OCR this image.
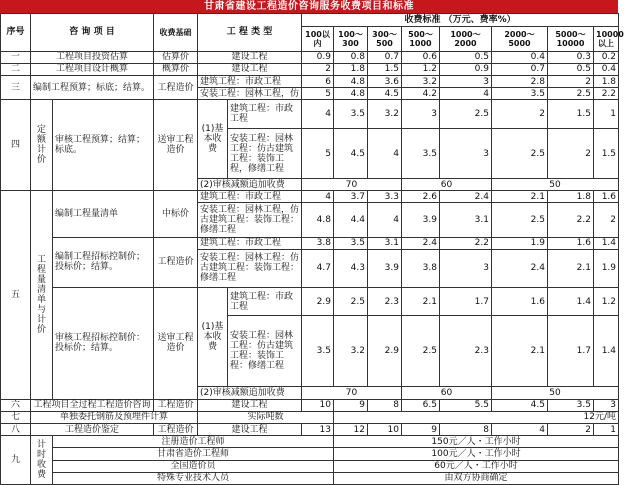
甘肃省建设工程造价咨询服务收费项目和标准
序号	咨 询 项 目		收费基础	工 程 类 型		收费标准 （万元、费率%）							
						100以内	100～300	300～500	500～1000	1000～2000	2000～5000	5000～10000	10000以上
一	工程项目投资估算		估算价	建设工程		0.9	0.8	0.7	0.6	0.5	0.4	0.3	0.2
二	工程项目设计概算		概算价	建设工程		2	1.8	1.5	1.2	0.9	0.7	0.5	0.4
三	编制工程预算；标底；结算。		工程造价	建筑工程：市政工程		6	4.8	3.6	3.2	3	2.8	2	1.8
				安装工程：园林工程，仿		5	4.8	4.5	4.2	4	3.5	2.5	2.2
四	定额计价	审核工程预算；结算；标底。	送审工程造价	(1)基本收费	建筑工程：市政工程	4	3.5	3.2	3	2.5	2	1.5	1
					安装工程：园林工程：仿古建筑工程：装饰工程，修缮工程	5	4.5	4	3.5	3	2.5	2	1.5
				(2)审核减额追加收费		70			60		50		
五	工程量清单与计价	编制工程量清单	中标价	建筑工程：市政工程		4	3.7	3.3	2.6	2.4	2.1	1.8	1.6
				安装工程：园林工程，仿古建筑工程：装饰工程：修缮工程		4.8	4.4	4	3.9	3.1	2.5	2.2	2
		编制工程招标控制价；投标价；结算。	工程造价	建筑工程：市政工程		3.8	3.5	3.1	2.4	2.2	1.9	1.6	1.4
				安装工程：园林工程：仿古建筑工程：装饰工程：修缮工程		4.7	4.3	3.9	3.8	3	2.4	2.1	1.9
		审核工程招标控制价：投标价；结算。	送审工程造价	(1)基本收费	建筑工程：市政工程	2.9	2.5	2.3	2.1	1.7	1.6	1.4	1.2
					安装工程：园林工程：仿古建筑工程：装饰工程：修缮工程	3.5	3.2	2.9	2.5	2.3	2.1	1.7	1.4

				(2)审核减额追加收费		70			60		50		
六	工程项目全过程工程造价咨询		工程造价	建设工程		10	9	8	6.5	5.5	4.5	3.5	3
七	单独委托钢筋及预埋件计算			实际吨数			12元/吨						
八	工程造价鉴定		工程造价	建设工程		13	12	10	9	8	4	2	1
九	计时收费	注册造价工程师					150元／人・工作小时						
		甘肃省造价工程师					100元／人・工作小时						
		全国造价员					60元／人・工作小时						
		特殊专业技术人员					由双方协商确定						
